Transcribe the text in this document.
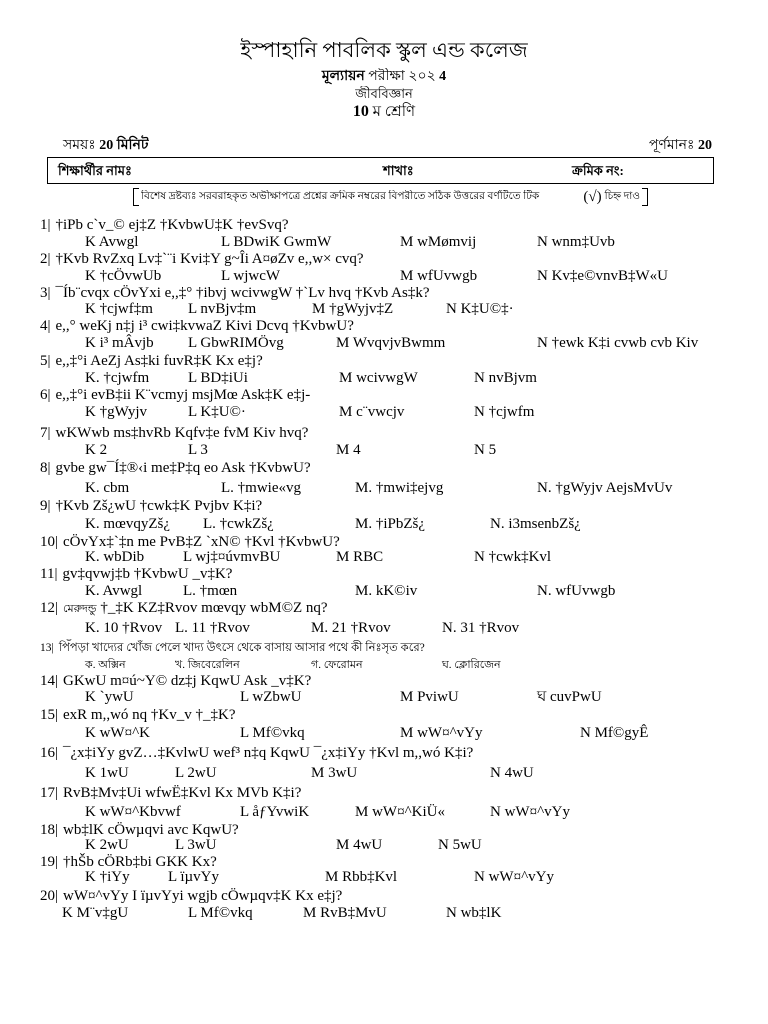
ইস্পাহানি পাবলিক স্কুল এন্ড কলেজ
মূল্যায়ন পরীক্ষা ২০২ 4
জীববিজ্ঞান
10 ম শ্রেণি
সময়ঃ 20 মিনিট	পূর্ণমানঃ 20
শিক্ষার্থীর নামঃ	শাখাঃ	ক্রমিক নং:
বিশেষ দ্রষ্টব্যঃ সরবরাহকৃত অভীক্ষাপত্রে প্রশ্নের ক্রমিক নম্বরের বিপরীতে সঠিক উত্তরের বর্ণটিতে টিক	(√) চিহ্ন দাও
1| †iPb c`v_© ej‡Z †KvbwU‡K †evSvq?
K Avwgl	L BDwiK GwmW	M wMømvij	N wnm‡Uvb
2| †Kvb RvZxq Lv‡`¨i Kvi‡Y g~Îi A¤øZv e,,w× cvq?
K †cÖvwUb	L wjwcW	M wfUvwgb	N Kv‡e©vnvB‡W«U
3| ¯Íb¨cvqx cÖvYxi e,,‡° †ibvj wcivwgW †`Lv hvq †Kvb As‡k?
K †cjwf‡m L nvBjv‡m	M †gWyjv‡Z	N K‡U©‡·
4| e,,° weKj n‡j i³ cwi‡kvwaZ Kivi Dcvq †KvbwU?
K i³ mÂvjb L GbwRIMÖvg	M WvqvjvBwmm	N †ewk K‡i cvwb cvb Kiv
5| e,,‡°i AeZj As‡ki fuvR‡K Kx e‡j?
K. †cjwfm	L BD‡iUi	M wcivwgW	N nvBjvm
6| e,,‡°i evB‡ii K¨vcmyj msjMœ Ask‡K e‡j-
K †gWyjv	L K‡U©·	M c¨vwcjv	N †cjwfm
7| wKWwb ms‡hvRb Kqfv‡e fvM Kiv hvq?
K 2	L 3	M 4	N 5
8| gvbe gw¯Í‡®‹i me‡P‡q eo Ask †KvbwU?
K. cbm	L. †mwie«vg	M. †mwi‡ejvg	N. †gWyjv AejsMvUv
9| †Kvb Zš¿wU †cwk‡K Pvjbv K‡i?
K. mœvqyZš¿ L. †cwkZš¿	M. †iPbZš¿	N. i3msenbZš¿
10| cÖvYx‡`‡n me PvB‡Z `xN© †Kvl †KvbwU?
K. wbDib	L wj‡¤úvmvBU	M RBC	N †cwk‡Kvl
11| gv‡qvwj‡b †KvbwU _v‡K?
K. Avwgl	L. †mœn	M. kK©iv	N. wfUvwgb
12| মেরুদন্ডু †_‡K KZ‡Rvov mœvqy wbM©Z nq?
K. 10 †Rvov L. 11 †Rvov	M. 21 †Rvov	N. 31 †Rvov
13| পিঁপড়া খাদ্যের খোঁজ পেলে খাদ্য উৎসে থেকে বাসায় আসার পথে কী নিঃসৃত করে?
ক. অক্সিন	খ. জিবেরেলিন	গ. ফেরোমন	ঘ. ক্লোরিজেন
14| GKwU m¤ú~Y© dz‡j KqwU Ask _v‡K?
K `ywU	L wZbwU	M PviwU	ঘ cuvPwU
15| exR m,,wó nq †Kv_v †_‡K?
K wW¤^K	L Mf©vkq	M wW¤^vYy	N Mf©gyÊ
16| ¯¿x‡iYy gvZ…‡KvlwU wef³ n‡q KqwU ¯¿x‡iYy †Kvl m,,wó K‡i?
K 1wU	L 2wU	M 3wU	N 4wU
17| RvB‡Mv‡Ui wfwË‡Kvl Kx MVb K‡i?
K wW¤^Kbvwf	L åƒYvwiK	M wW¤^KiÜ«	N wW¤^vYy
18| wb‡lK cÖwµqvi avc KqwU?
K 2wU	L 3wU	M 4wU	N 5wU
19| †hŠb cÖRb‡bi GKK Kx?
K †iYy	L ïµvYy	M Rbb‡Kvl	N wW¤^vYy
20| wW¤^vYy I ïµvYyi wgjb cÖwµqv‡K Kx e‡j?
K M¨v‡gU	L Mf©vkq	M RvB‡MvU	N wb‡lK
